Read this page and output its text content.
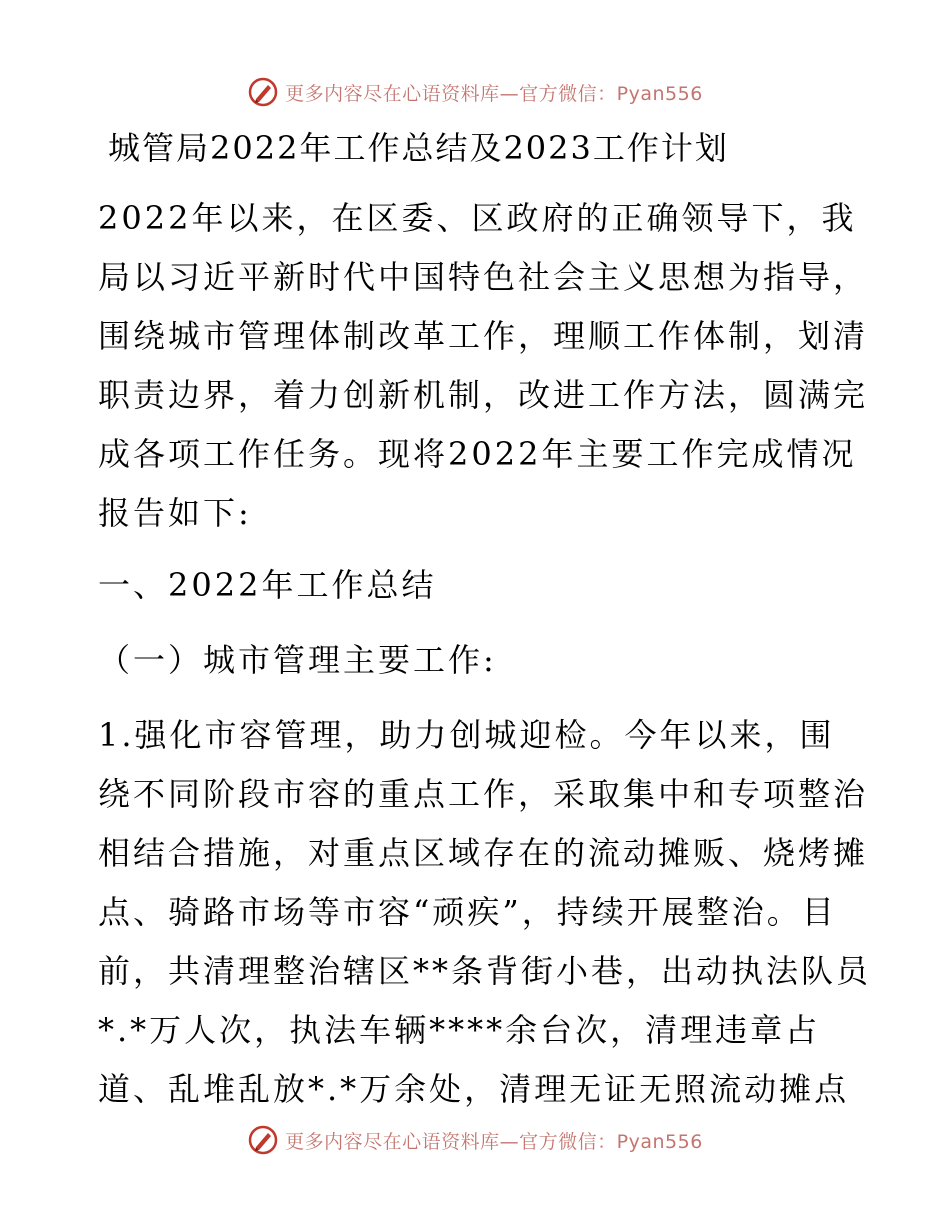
更多内容尽在心语资料库—官方微信：Pyan556
城管局2022年工作总结及2023工作计划
2022年以来，在区委、区政府的正确领导下，我
局以习近平新时代中国特色社会主义思想为指导，
围绕城市管理体制改革工作，理顺工作体制，划清
职责边界，着力创新机制，改进工作方法，圆满完
成各项工作任务。现将2022年主要工作完成情况
报告如下:
一、2022年工作总结
（一）城市管理主要工作:
1.强化市容管理，助力创城迎检。今年以来，围
绕不同阶段市容的重点工作，采取集中和专项整治
相结合措施，对重点区域存在的流动摊贩、烧烤摊
点、骑路市场等市容“顽疾”，持续开展整治。目
前，共清理整治辖区**条背街小巷，出动执法队员
*.*万人次，执法车辆****余台次，清理违章占
道、乱堆乱放*.*万余处，清理无证无照流动摊点
更多内容尽在心语资料库—官方微信：Pyan556
